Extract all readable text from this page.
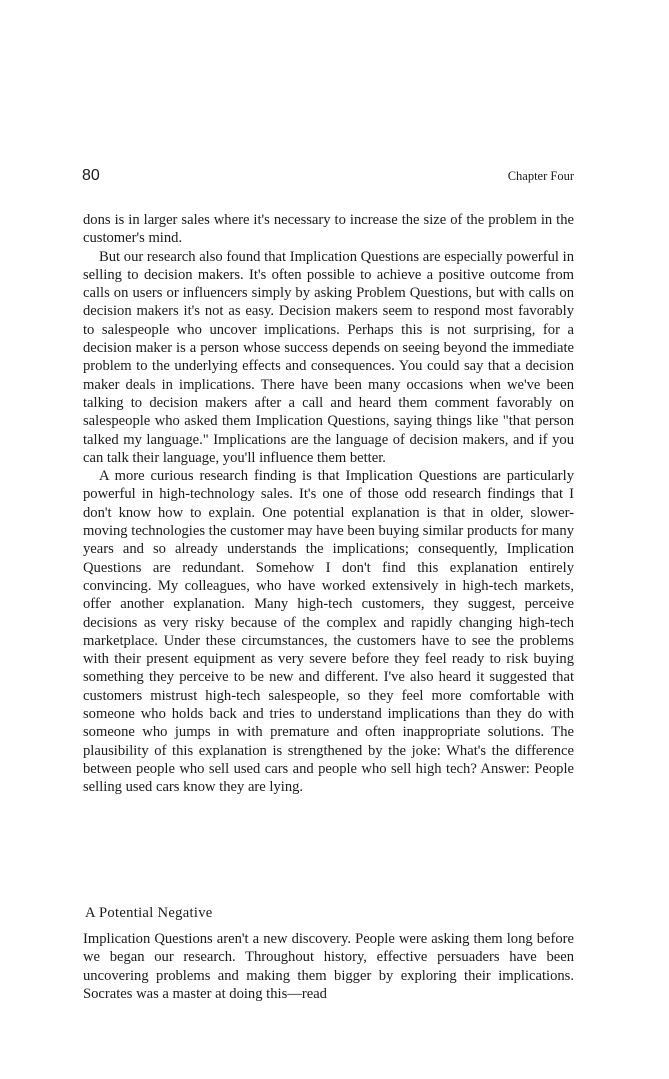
80	Chapter Four

dons is in larger sales where it's necessary to increase the size of the problem in the customer's mind.

But our research also found that Implication Questions are especially powerful in selling to decision makers. It's often possible to achieve a positive outcome from calls on users or influencers simply by asking Problem Questions, but with calls on decision makers it's not as easy. Decision makers seem to respond most favorably to salespeople who uncover implications. Perhaps this is not surprising, for a decision maker is a person whose success depends on seeing beyond the immediate problem to the underlying effects and consequences. You could say that a decision maker deals in implications. There have been many occasions when we've been talking to decision makers after a call and heard them comment favorably on salespeople who asked them Implication Questions, saying things like "that person talked my language." Implications are the language of decision makers, and if you can talk their language, you'll influence them better.

A more curious research finding is that Implication Questions are particularly powerful in high-technology sales. It's one of those odd research findings that I don't know how to explain. One potential explanation is that in older, slower-moving technologies the customer may have been buying similar products for many years and so already understands the implications; consequently, Implication Questions are redundant. Somehow I don't find this explanation entirely convincing. My colleagues, who have worked extensively in high-tech markets, offer another explanation. Many high-tech customers, they suggest, perceive decisions as very risky because of the complex and rapidly changing high-tech marketplace. Under these circumstances, the customers have to see the problems with their present equipment as very severe before they feel ready to risk buying something they perceive to be new and different. I've also heard it suggested that customers mistrust high-tech salespeople, so they feel more comfortable with someone who holds back and tries to understand implications than they do with someone who jumps in with premature and often inappropriate solutions. The plausibility of this explanation is strengthened by the joke: What's the difference between people who sell used cars and people who sell high tech? Answer: People selling used cars know they are lying.

A Potential Negative

Implication Questions aren't a new discovery. People were asking them long before we began our research. Throughout history, effective persuaders have been uncovering problems and making them bigger by exploring their implications. Socrates was a master at doing this—read
